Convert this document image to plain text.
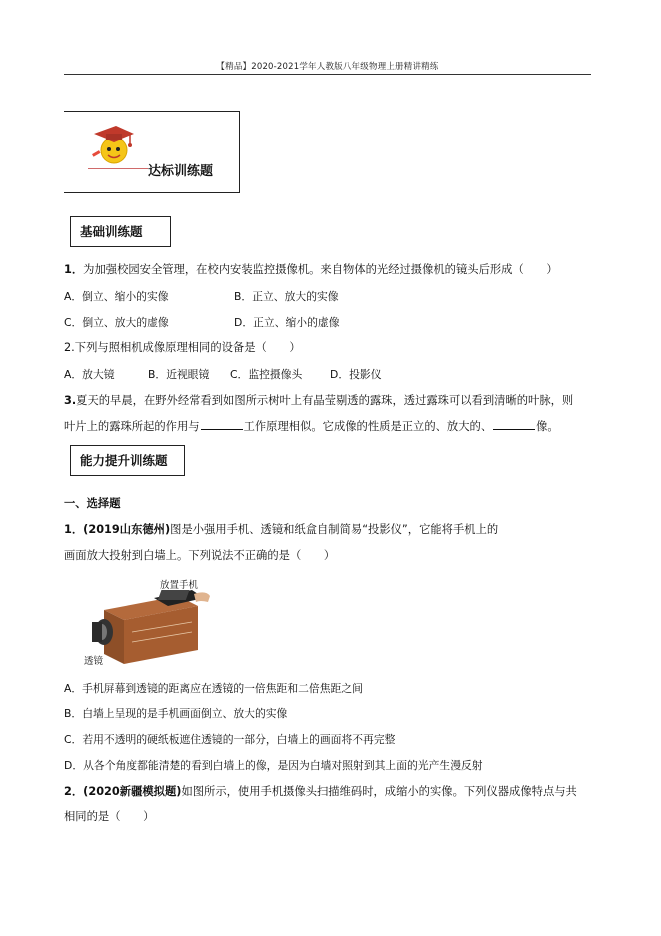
【精品】2020-2021学年人教版八年级物理上册精讲精练
达标训练题
基础训练题
1．为加强校园安全管理，在校内安装监控摄像机。来自物体的光经过摄像机的镜头后形成（　　）
A．倒立、缩小的实像	B．正立、放大的实像
C．倒立、放大的虚像	D．正立、缩小的虚像
2.下列与照相机成像原理相同的设备是（　　）
A．放大镜	B．近视眼镜 C．监控摄像头	D．投影仪
3.夏天的早晨，在野外经常看到如图所示树叶上有晶莹剔透的露珠，透过露珠可以看到清晰的叶脉，则
叶片上的露珠所起的作用与	工作原理相似。它成像的性质是正立的、放大的、	像。
能力提升训练题
一、选择题
1．(2019山东德州)图是小强用手机、透镜和纸盒自制简易“投影仪”，它能将手机上的
画面放大投射到白墙上。下列说法不正确的是（　　）
放置手机
透镜
A．手机屏幕到透镜的距离应在透镜的一倍焦距和二倍焦距之间
B．白墙上呈现的是手机画面倒立、放大的实像
C．若用不透明的硬纸板遮住透镜的一部分，白墙上的画面将不再完整
D．从各个角度都能清楚的看到白墙上的像，是因为白墙对照射到其上面的光产生漫反射
2．(2020新疆模拟题)如图所示，使用手机摄像头扫描维码时，成缩小的实像。下列仪器成像特点与共
相同的是（　　）
